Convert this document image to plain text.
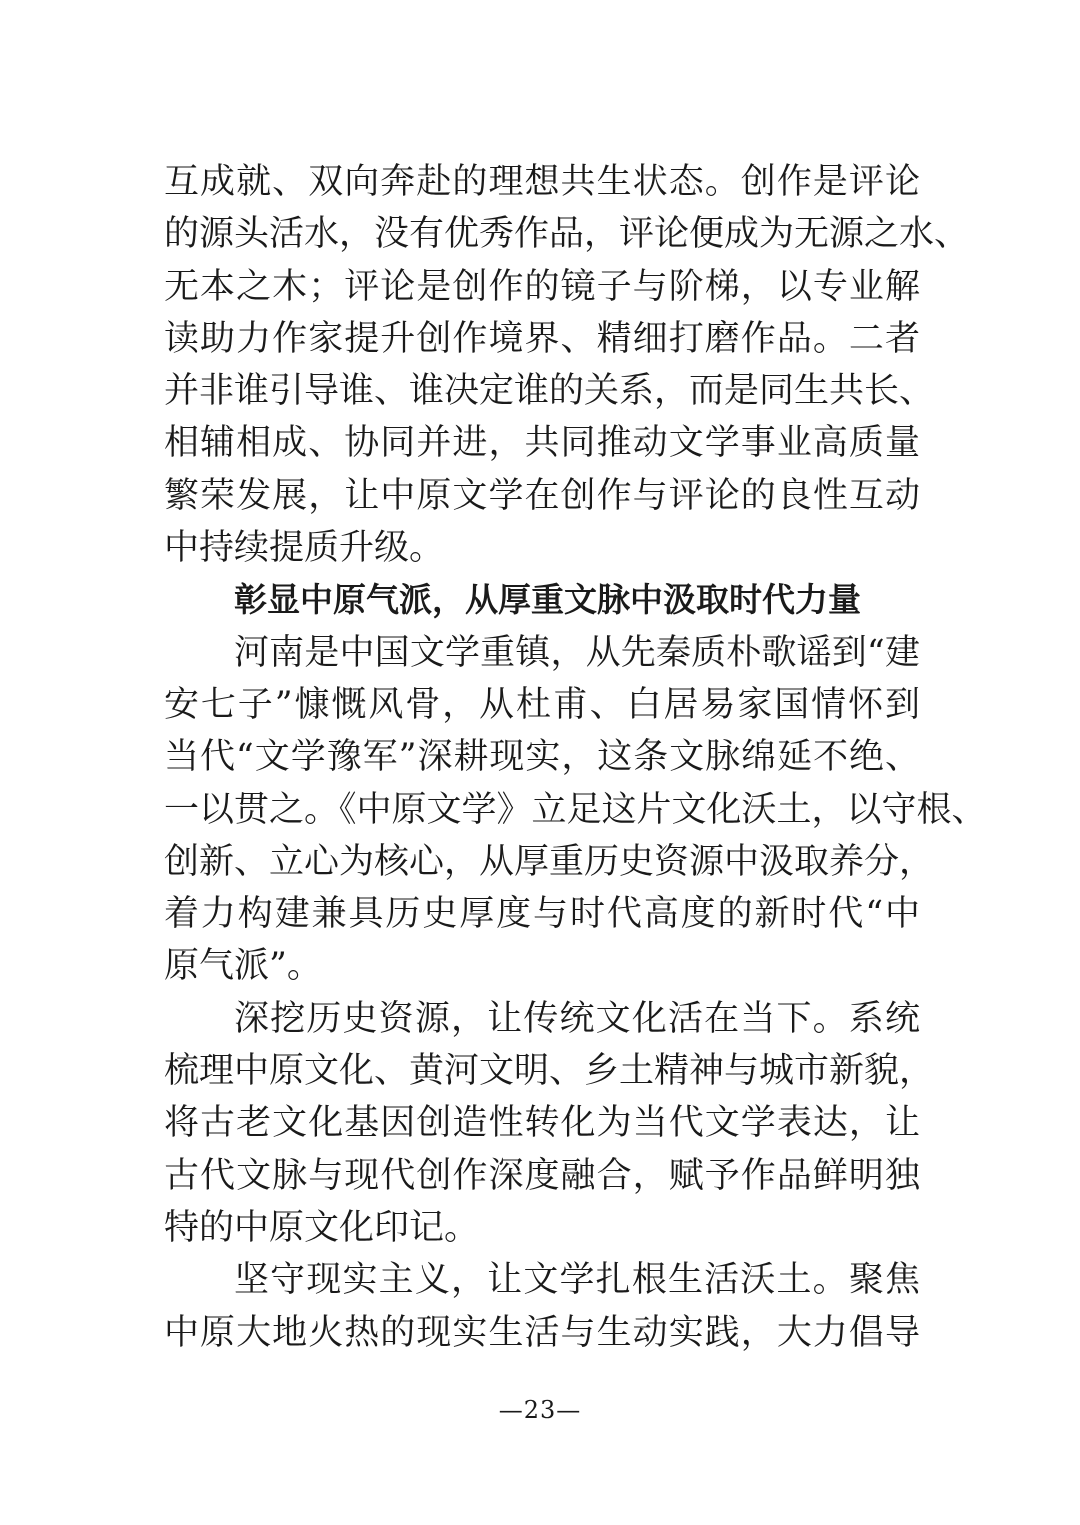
互成就、双向奔赴的理想共生状态。创作是评论
的源头活水，没有优秀作品，评论便成为无源之水、
无本之木；评论是创作的镜子与阶梯，以专业解
读助力作家提升创作境界、精细打磨作品。二者
并非谁引导谁、谁决定谁的关系，而是同生共长、
相辅相成、协同并进，共同推动文学事业高质量
繁荣发展，让中原文学在创作与评论的良性互动
中持续提质升级。
彰显中原气派，从厚重文脉中汲取时代力量
河南是中国文学重镇，从先秦质朴歌谣到“建
安七子”慷慨风骨，从杜甫、白居易家国情怀到
当代“文学豫军”深耕现实，这条文脉绵延不绝、
一以贯之。《中原文学》立足这片文化沃土，以守根、
创新、立心为核心，从厚重历史资源中汲取养分，
着力构建兼具历史厚度与时代高度的新时代“中
原气派”。
深挖历史资源，让传统文化活在当下。系统
梳理中原文化、黄河文明、乡土精神与城市新貌，
将古老文化基因创造性转化为当代文学表达，让
古代文脉与现代创作深度融合，赋予作品鲜明独
特的中原文化印记。
坚守现实主义，让文学扎根生活沃土。聚焦
中原大地火热的现实生活与生动实践，大力倡导
—23—
